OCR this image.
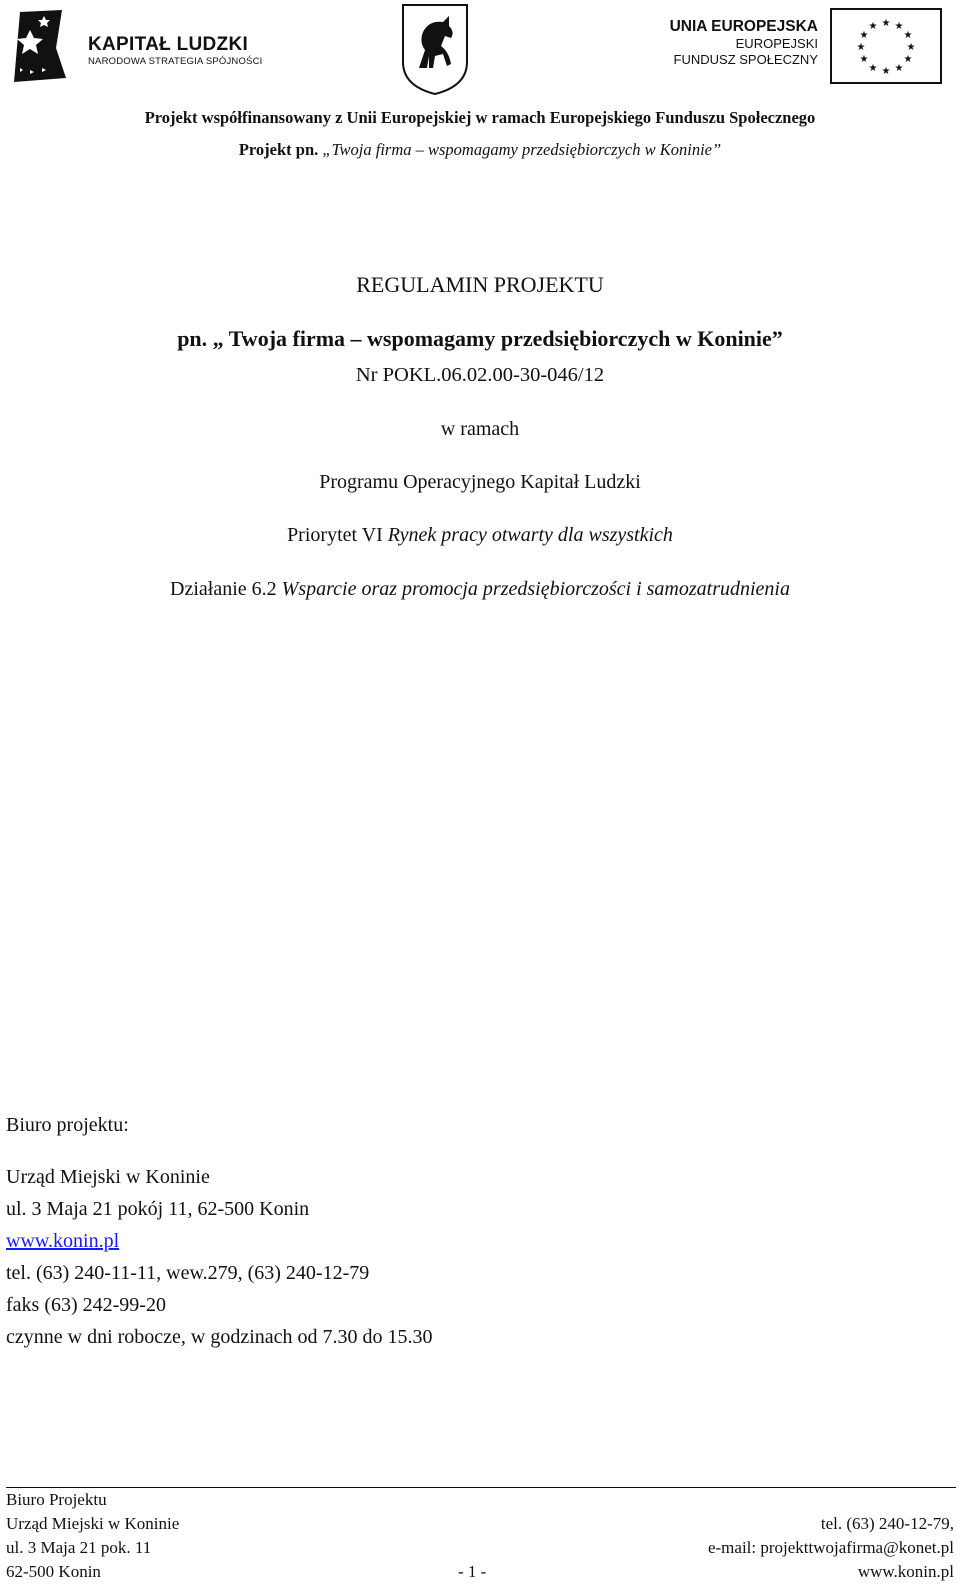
KAPITAŁ LUDZKI
NARODOWA STRATEGIA SPÓJNOŚCI
UNIA EUROPEJSKA
EUROPEJSKI
FUNDUSZ SPOŁECZNY
★ ★
★
★
★
★
★
★
★
★
★
★
Projekt współfinansowany z Unii Europejskiej w ramach Europejskiego Funduszu Społecznego
Projekt pn. „Twoja firma – wspomagamy przedsiębiorczych w Koninie”
REGULAMIN PROJEKTU
pn. „ Twoja firma – wspomagamy przedsiębiorczych w Koninie”
Nr POKL.06.02.00-30-046/12
w ramach
Programu Operacyjnego Kapitał Ludzki
Priorytet VI Rynek pracy otwarty dla wszystkich
Działanie 6.2 Wsparcie oraz promocja przedsiębiorczości i samozatrudnienia
Biuro projektu:
Urząd Miejski w Koninie
ul. 3 Maja 21 pokój 11, 62-500 Konin
www.konin.pl
tel. (63) 240-11-11, wew.279, (63) 240-12-79
faks (63) 242-99-20
czynne w dni robocze, w godzinach od 7.30 do 15.30
Biuro Projektu
Urząd Miejski w Koninie
ul. 3 Maja 21 pok. 11
62-500 Konin	- 1 -
tel. (63) 240-12-79,
e-mail: projekttwojafirma@konet.pl
www.konin.pl
